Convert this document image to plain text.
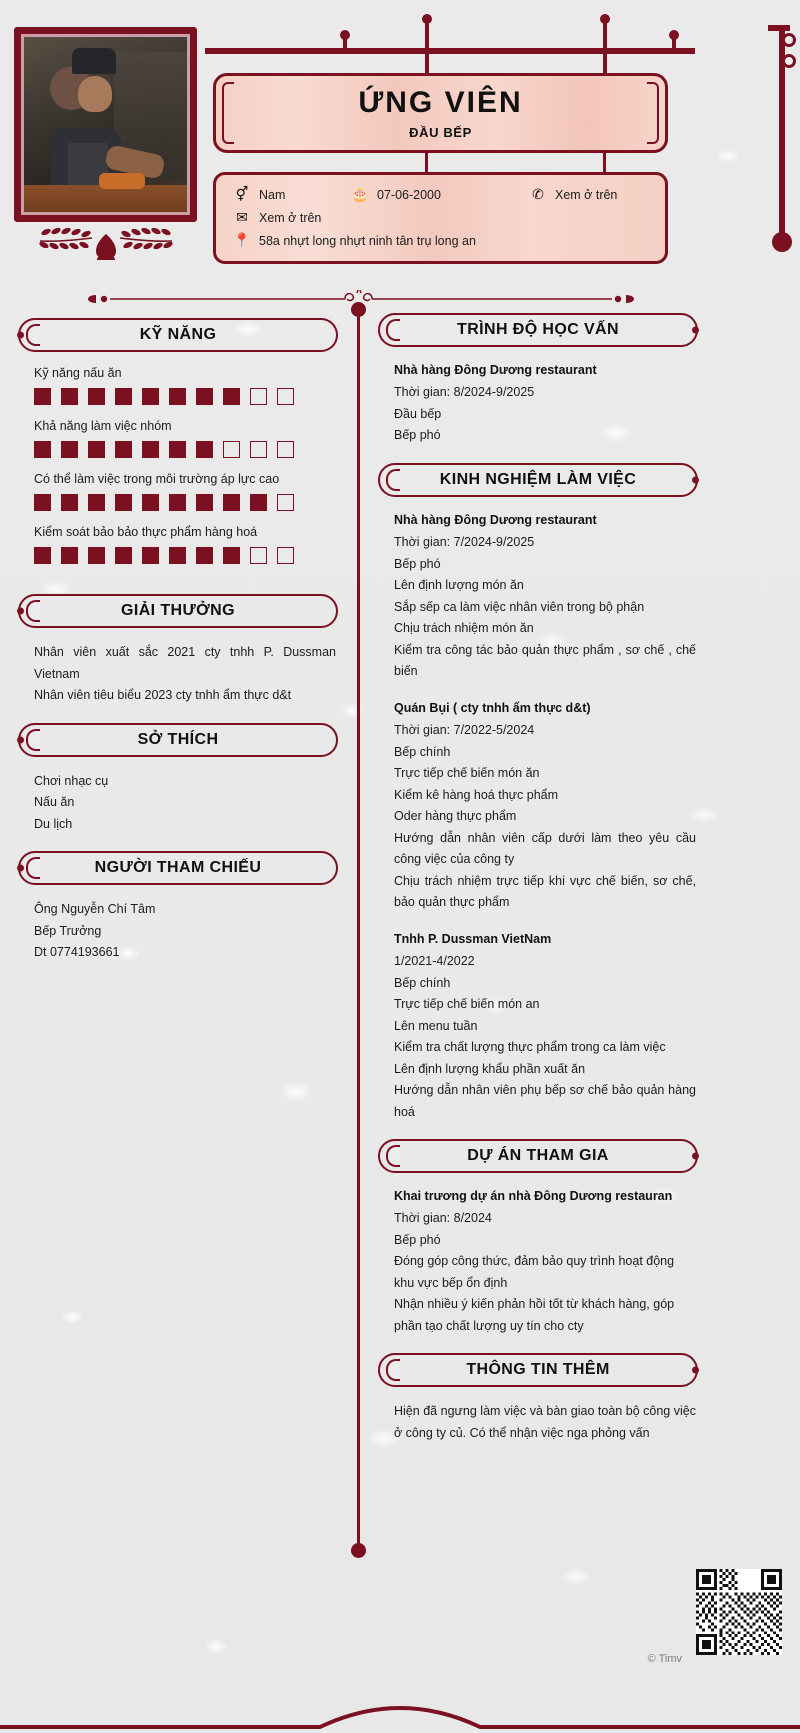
ỨNG VIÊN
ĐẦU BẾP
⚥ Nam	🎂 07-06-2000	✆ Xem ở trên
✉ Xem ở trên
📍 58a nhựt long nhựt ninh tân trụ long an
KỸ NĂNG
Kỹ năng nấu ăn
Khả năng làm việc nhóm
Có thể làm việc trong môi trường áp lực cao
Kiểm soát bảo bảo thực phẩm hàng hoá
GIẢI THƯỞNG
Nhân viên xuất sắc 2021 cty tnhh P. Dussman Vietnam
Nhân viên tiêu biểu 2023 cty tnhh ẩm thực d&t
SỞ THÍCH
Chơi nhạc cụ
Nấu ăn
Du lịch
NGƯỜI THAM CHIẾU
Ông Nguyễn Chí Tâm
Bếp Trưởng
Dt 0774193661
TRÌNH ĐỘ HỌC VẤN
Nhà hàng Đông Dương restaurant
Thời gian: 8/2024-9/2025
Đầu bếp
Bếp phó
KINH NGHIỆM LÀM VIỆC
Nhà hàng Đông Dương restaurant
Thời gian: 7/2024-9/2025
Bếp phó
Lên định lượng món ăn
Sắp sếp ca làm việc nhân viên trong bộ phận
Chịu trách nhiệm món ăn
Kiểm tra công tác bảo quản thực phẩm , sơ chế , chế biến
Quán Bụi ( cty tnhh ẩm thực d&t)
Thời gian: 7/2022-5/2024
Bếp chính
Trực tiếp chế biến món ăn
Kiểm kê hàng hoá thực phẩm
Oder hàng thực phẩm
Hướng dẫn nhân viên cấp dưới làm theo yêu cầu công việc của công ty
Chịu trách nhiệm trực tiếp khi vực chế biến, sơ chế, bảo quản thực phẩm
Tnhh P. Dussman VietNam
1/2021-4/2022
Bếp chính
Trực tiếp chế biến món an
Lên menu tuần
Kiểm tra chất lượng thực phẩm trong ca làm việc
Lên định lượng khẩu phần xuất ăn
Hướng dẫn nhân viên phụ bếp sơ chế bảo quản hàng hoá
DỰ ÁN THAM GIA
Khai trương dự án nhà Đông Dương restauran
Thời gian: 8/2024
Bếp phó
Đóng góp công thức, đảm bảo quy trình hoạt động khu vực bếp ổn định
Nhận nhiều ý kiến phản hồi tốt từ khách hàng, góp phần tạo chất lượng uy tín cho cty
THÔNG TIN THÊM
Hiện đã ngưng làm việc và bàn giao toàn bộ công việc ở công ty củ. Có thể nhận việc nga phỏng vấn
© Timv
